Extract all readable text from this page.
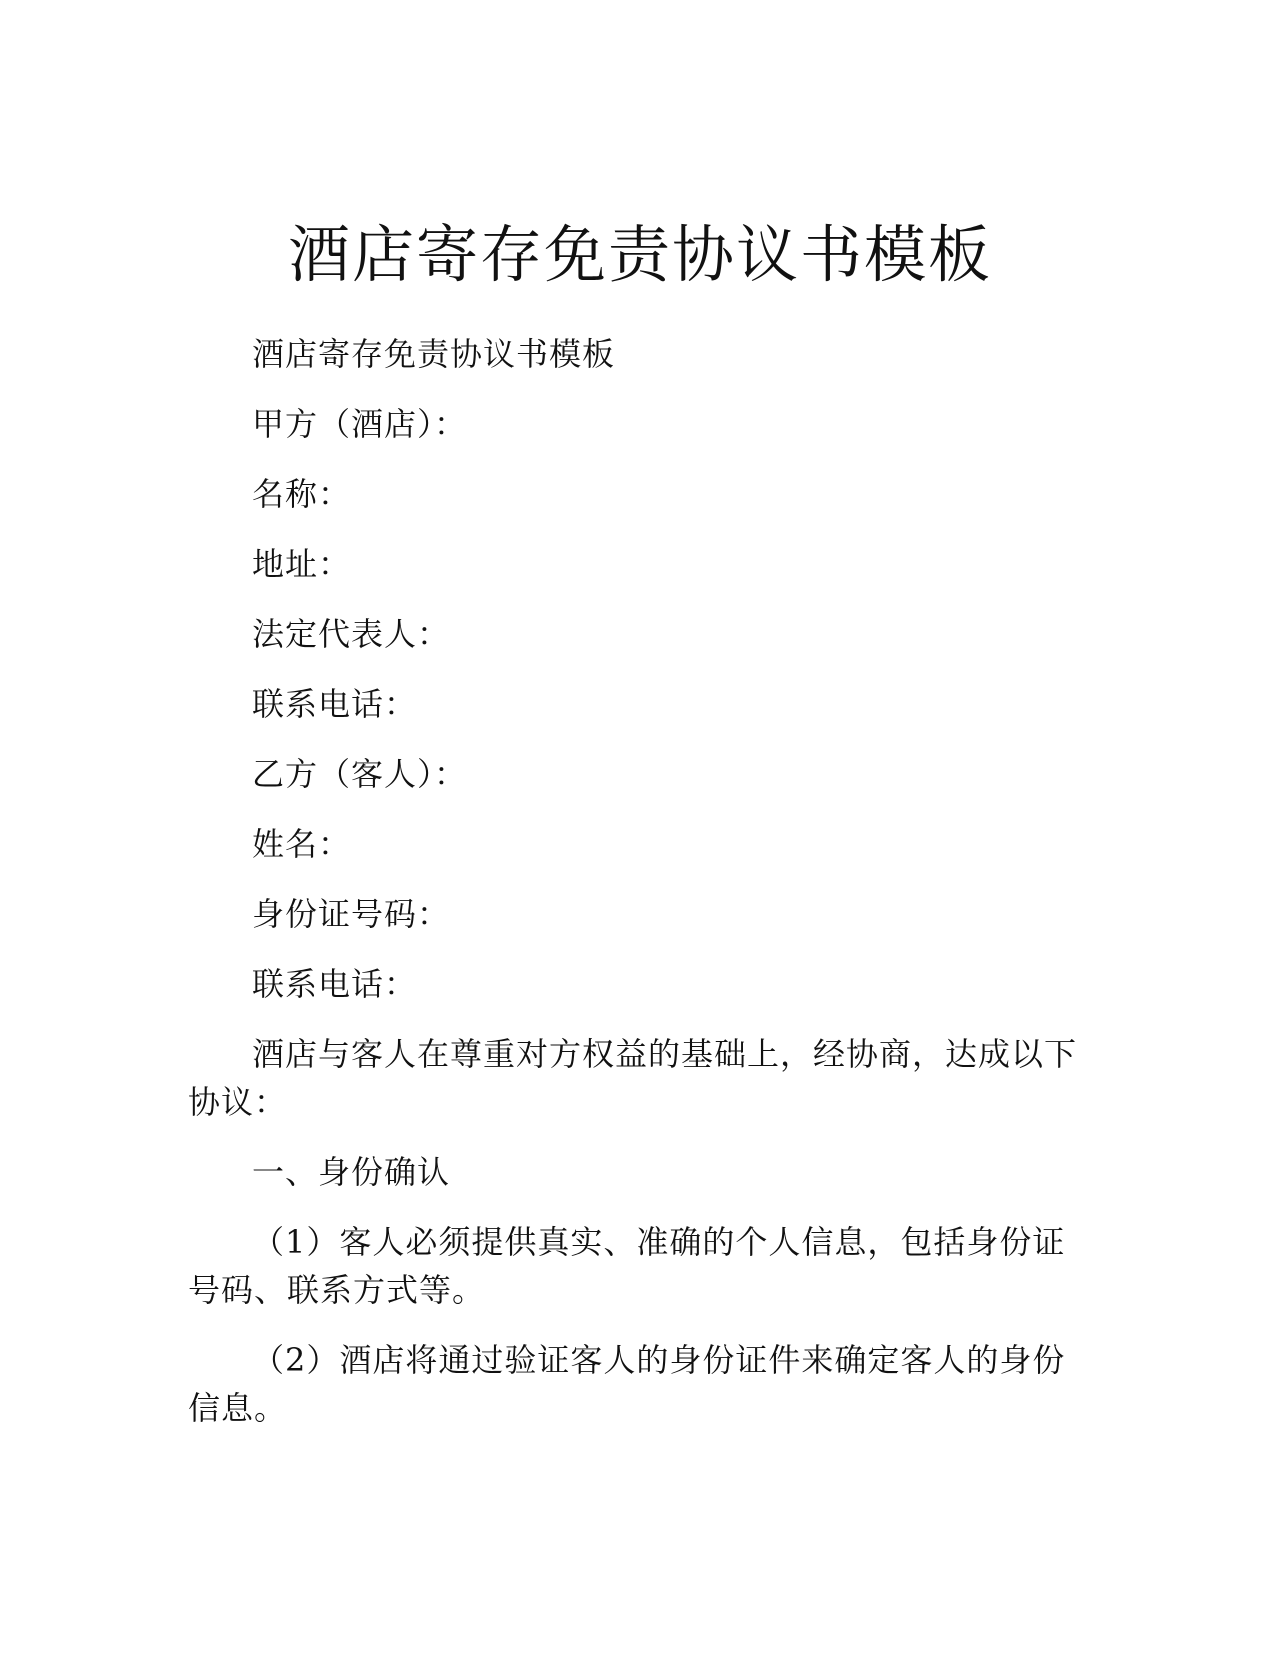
酒店寄存免责协议书模板

酒店寄存免责协议书模板

甲方（酒店）：

名称：

地址：

法定代表人：

联系电话：

乙方（客人）：

姓名：

身份证号码：

联系电话：

酒店与客人在尊重对方权益的基础上，经协商，达成以下协议：

一、身份确认

（1）客人必须提供真实、准确的个人信息，包括身份证号码、联系方式等。

（2）酒店将通过验证客人的身份证件来确定客人的身份信息。
